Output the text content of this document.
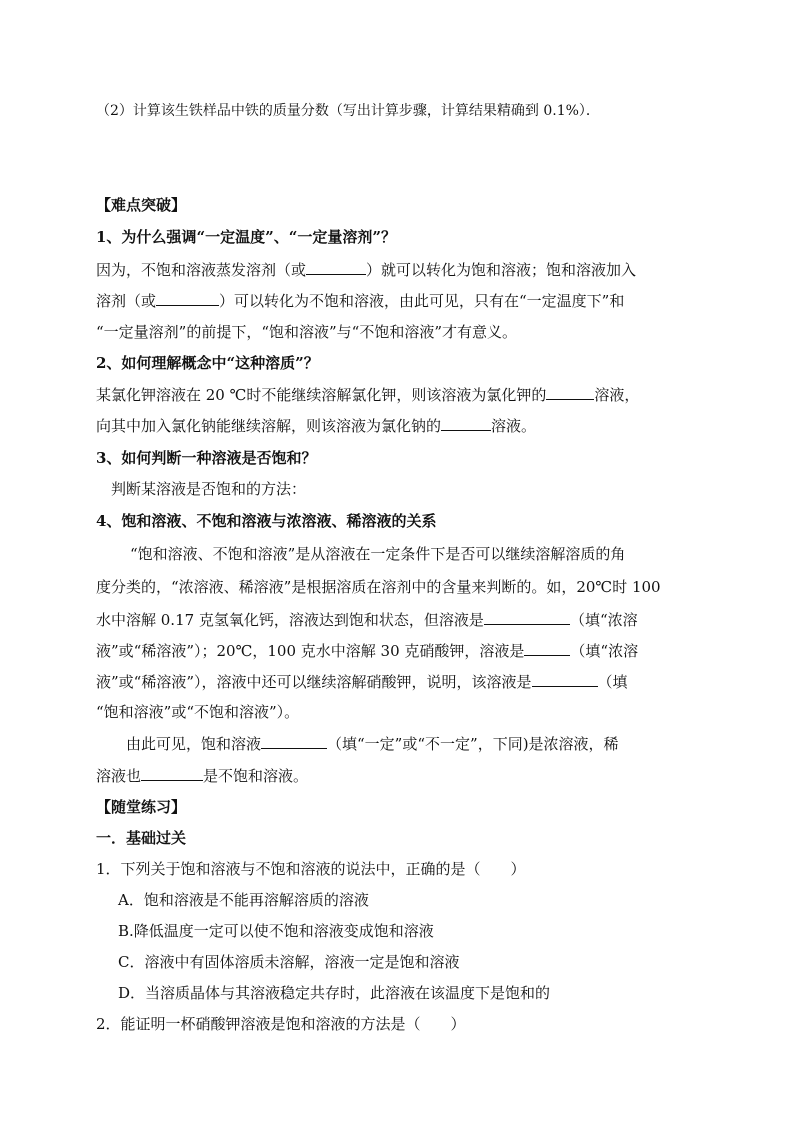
（2）计算该生铁样品中铁的质量分数（写出计算步骤，计算结果精确到 0.1%）．
【难点突破】
1、为什么强调“一定温度”、“一定量溶剂”？
因为，不饱和溶液蒸发溶剂（或	）就可以转化为饱和溶液；饱和溶液加入
溶剂（或	）可以转化为不饱和溶液，由此可见，只有在“一定温度下”和
“一定量溶剂”的前提下，“饱和溶液”与“不饱和溶液”才有意义。
2、如何理解概念中“这种溶质”？
某氯化钾溶液在 20 ℃时不能继续溶解氯化钾，则该溶液为氯化钾的	溶液，
向其中加入氯化钠能继续溶解，则该溶液为氯化钠的	溶液。
3、如何判断一种溶液是否饱和？
判断某溶液是否饱和的方法：
4、饱和溶液、不饱和溶液与浓溶液、稀溶液的关系
“饱和溶液、不饱和溶液”是从溶液在一定条件下是否可以继续溶解溶质的角
度分类的，“浓溶液、稀溶液”是根据溶质在溶剂中的含量来判断的。如，20℃时 100
水中溶解 0.17 克氢氧化钙，溶液达到饱和状态，但溶液是	（填“浓溶
液”或“稀溶液”）；20℃，100 克水中溶解 30 克硝酸钾，溶液是	（填“浓溶
液”或“稀溶液”），溶液中还可以继续溶解硝酸钾，说明，该溶液是	（填
“饱和溶液”或“不饱和溶液”）。
由此可见，饱和溶液	（填“一定”或“不一定”，下同)是浓溶液，稀
溶液也	是不饱和溶液。
【随堂练习】
一．基础过关
1．下列关于饱和溶液与不饱和溶液的说法中，正确的是（　　）
A．饱和溶液是不能再溶解溶质的溶液
B.降低温度一定可以使不饱和溶液变成饱和溶液
C．溶液中有固体溶质未溶解，溶液一定是饱和溶液
D．当溶质晶体与其溶液稳定共存时，此溶液在该温度下是饱和的
2．能证明一杯硝酸钾溶液是饱和溶液的方法是（　　）
